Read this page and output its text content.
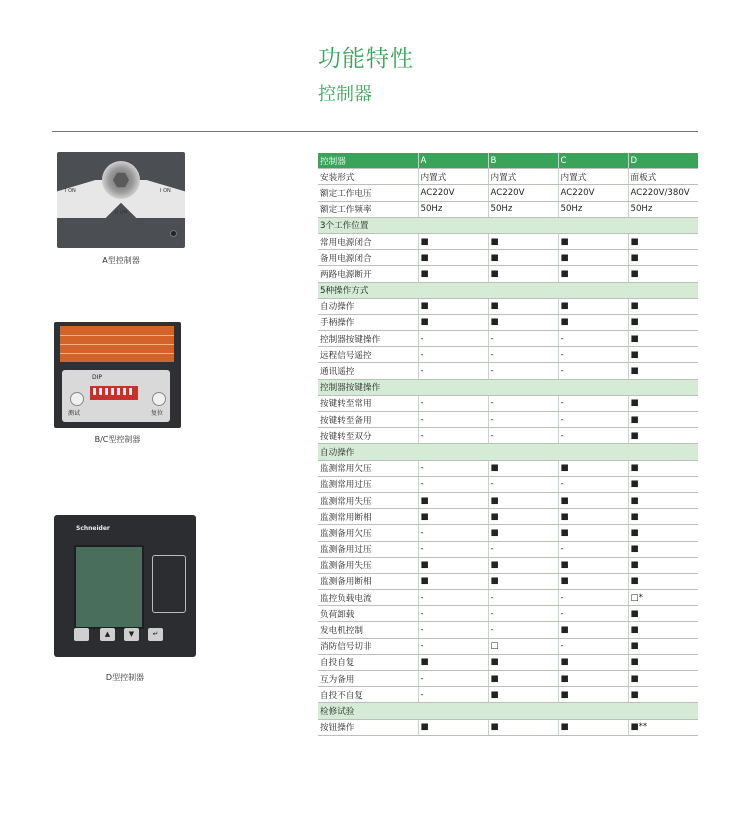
功能特性
控制器
I ON	I ON
0 Off
A型控制器
DIP
测试	复位
B/C型控制器
Schneider
▲	▼	↵
D型控制器
控制器	A	B	C	D
安装形式	内置式	内置式	内置式	面板式
额定工作电压	AC220V	AC220V	AC220V	AC220V/380V
额定工作频率	50Hz	50Hz	50Hz	50Hz
3个工作位置				
常用电源闭合	■	■	■	■
备用电源闭合	■	■	■	■
两路电源断开	■	■	■	■
5种操作方式				
自动操作	■	■	■	■
手柄操作	■	■	■	■
控制器按键操作	-	-	-	■
远程信号遥控	-	-	-	■
通讯遥控	-	-	-	■
控制器按键操作				
按键转至常用	-	-	-	■
按键转至备用	-	-	-	■
按键转至双分	-	-	-	■
自动操作				
监测常用欠压	-	■	■	■
监测常用过压	-	-	-	■
监测常用失压	■	■	■	■
监测常用断相	■	■	■	■
监测备用欠压	-	■	■	■
监测备用过压	-	-	-	■
监测备用失压	■	■	■	■
监测备用断相	■	■	■	■
监控负载电流	-	-	-	□*
负荷卸载	-	-	-	■
发电机控制	-	-	■	■
消防信号切非	-	□	-	■
自投自复	■	■	■	■
互为备用	-	■	■	■
自投不自复	-	■	■	■
检修试验				
按钮操作	■	■	■	■**
